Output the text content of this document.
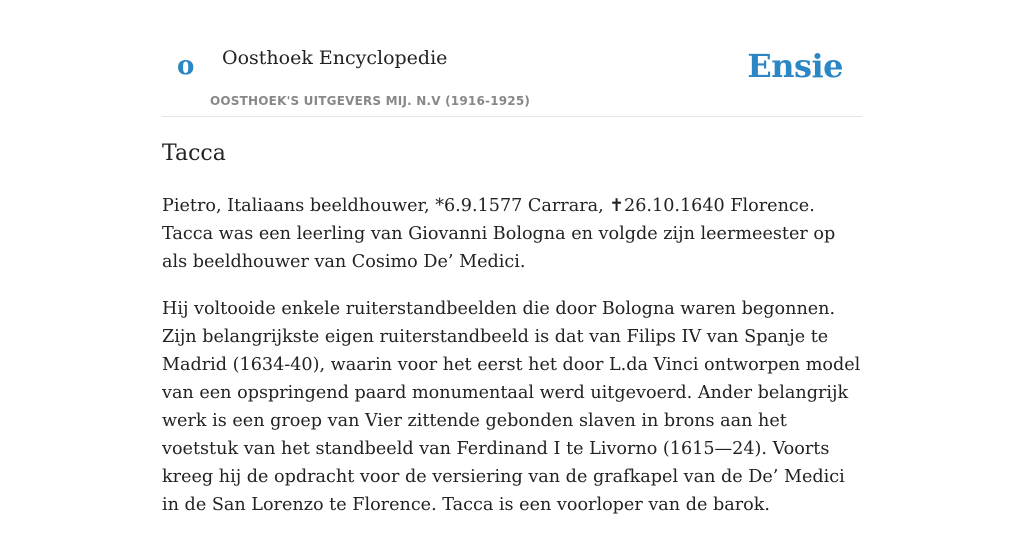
o Oosthoek Encyclopedie
OOSTHOEK'S UITGEVERS MIJ. N.V (1916-1925)
Ensie
Tacca

Pietro, Italiaans beeldhouwer, *6.9.1577 Carrara, ✝26.10.1640 Florence. Tacca was een leerling van Giovanni Bologna en volgde zijn leermeester op als beeldhouwer van Cosimo De’ Medici.

Hij voltooide enkele ruiterstandbeelden die door Bologna waren begonnen. Zijn belangrijkste eigen ruiterstandbeeld is dat van Filips IV van Spanje te Madrid (1634-40), waarin voor het eerst het door L.da Vinci ontworpen model van een opspringend paard monumentaal werd uitgevoerd. Ander belangrijk werk is een groep van Vier zittende gebonden slaven in brons aan het voetstuk van het standbeeld van Ferdinand I te Livorno (1615—24). Voorts kreeg hij de opdracht voor de versiering van de grafkapel van de De’ Medici in de San Lorenzo te Florence. Tacca is een voorloper van de barok.
